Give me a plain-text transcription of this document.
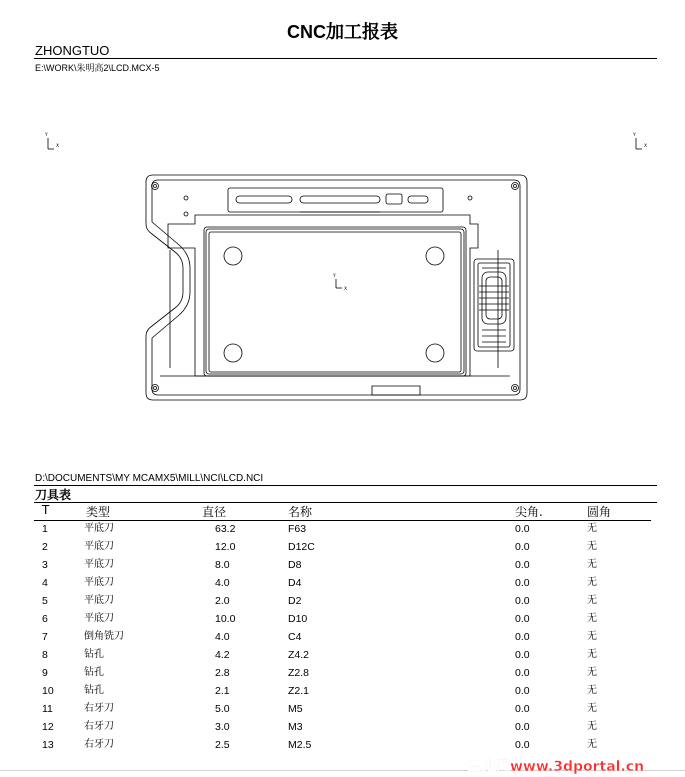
CNC加工报表
ZHONGTUO
E:\WORK\朱明高2\LCD.MCX-5
Y
X
Y
X
Y
X
D:\DOCUMENTS\MY MCAMX5\MILL\NCI\LCD.NCI
刀具表
T	类型	直径	名称	尖角.	圆角
1	平底刀	63.2	F63	0.0	无
2	平底刀	12.0	D12C	0.0	无
3	平底刀	8.0	D8	0.0	无
4	平底刀	4.0	D4	0.0	无
5	平底刀	2.0	D2	0.0	无
6	平底刀	10.0	D10	0.0	无
7	倒角铣刀	4.0	C4	0.0	无
8	钻孔	4.2	Z4.2	0.0	无
9	钻孔	2.8	Z2.8	0.0	无
10	钻孔	2.1	Z2.1	0.0	无
11	右牙刀	5.0	M5	0.0	无
12	右牙刀	3.0	M3	0.0	无
13	右牙刀	2.5	M2.5	0.0	无
三维网www.3dportal.cn
